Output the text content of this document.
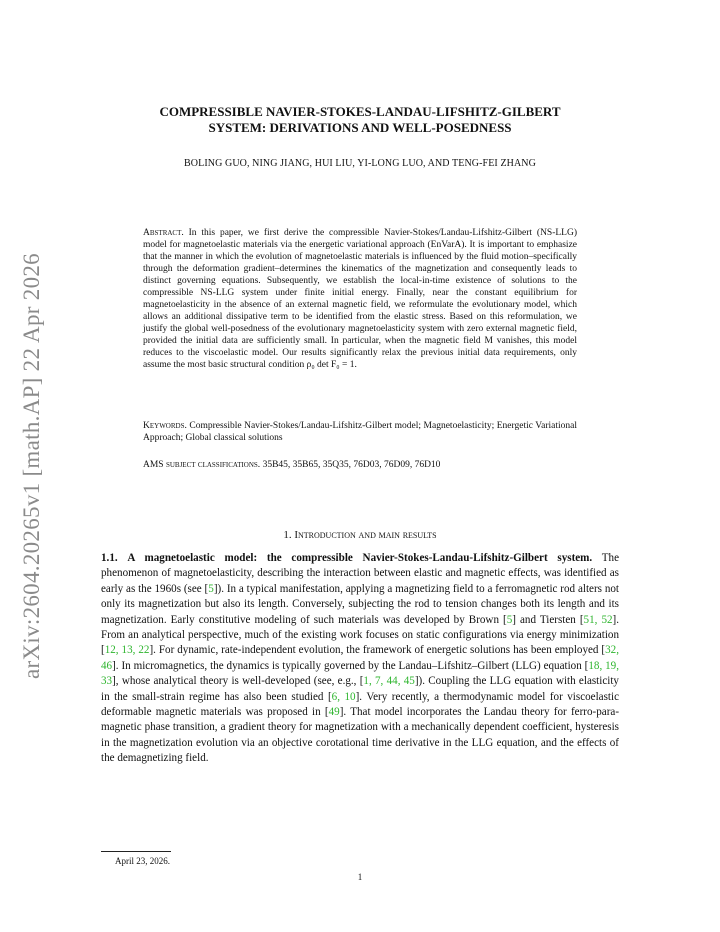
arXiv:2604.20265v1 [math.AP] 22 Apr 2026
COMPRESSIBLE NAVIER-STOKES-LANDAU-LIFSHITZ-GILBERT
SYSTEM: DERIVATIONS AND WELL-POSEDNESS
BOLING GUO, NING JIANG, HUI LIU, YI-LONG LUO, AND TENG-FEI ZHANG
Abstract. In this paper, we first derive the compressible Navier-Stokes/Landau-Lifshitz-Gilbert (NS-LLG) model for magnetoelastic materials via the energetic variational approach (EnVarA). It is important to emphasize that the manner in which the evolution of magnetoelastic materials is influenced by the fluid motion–specifically through the deformation gradient–determines the kinematics of the magnetization and consequently leads to distinct governing equations. Subsequently, we establish the local-in-time existence of solutions to the compressible NS-LLG system under finite initial energy. Finally, near the constant equilibrium for magnetoelasticity in the absence of an external magnetic field, we reformulate the evolutionary model, which allows an additional dissipative term to be identified from the elastic stress. Based on this reformulation, we justify the global well-posedness of the evolutionary magnetoelasticity system with zero external magnetic field, provided the initial data are sufficiently small. In particular, when the magnetic field M vanishes, this model reduces to the viscoelastic model. Our results significantly relax the previous initial data requirements, only assume the most basic structural condition ρ₀ det F₀ = 1.
Keywords. Compressible Navier-Stokes/Landau-Lifshitz-Gilbert model; Magnetoelasticity; Energetic Variational Approach; Global classical solutions
AMS subject classifications. 35B45, 35B65, 35Q35, 76D03, 76D09, 76D10
1. Introduction and main results
1.1. A magnetoelastic model: the compressible Navier-Stokes-Landau-Lifshitz-Gilbert system. The phenomenon of magnetoelasticity, describing the interaction between elastic and magnetic effects, was identified as early as the 1960s (see [5]). In a typical manifestation, applying a magnetizing field to a ferromagnetic rod alters not only its magnetization but also its length. Conversely, subjecting the rod to tension changes both its length and its magnetization. Early constitutive modeling of such materials was developed by Brown [5] and Tiersten [51, 52]. From an analytical perspective, much of the existing work focuses on static configurations via energy minimization [12, 13, 22]. For dynamic, rate-independent evolution, the framework of energetic solutions has been employed [32, 46]. In micromagnetics, the dynamics is typically governed by the Landau–Lifshitz–Gilbert (LLG) equation [18, 19, 33], whose analytical theory is well-developed (see, e.g., [1, 7, 44, 45]). Coupling the LLG equation with elasticity in the small-strain regime has also been studied [6, 10]. Very recently, a thermodynamic model for viscoelastic deformable magnetic materials was proposed in [49]. That model incorporates the Landau theory for ferro-para-magnetic phase transition, a gradient theory for magnetization with a mechanically dependent coefficient, hysteresis in the magnetization evolution via an objective corotational time derivative in the LLG equation, and the effects of the demagnetizing field.
April 23, 2026.
1
